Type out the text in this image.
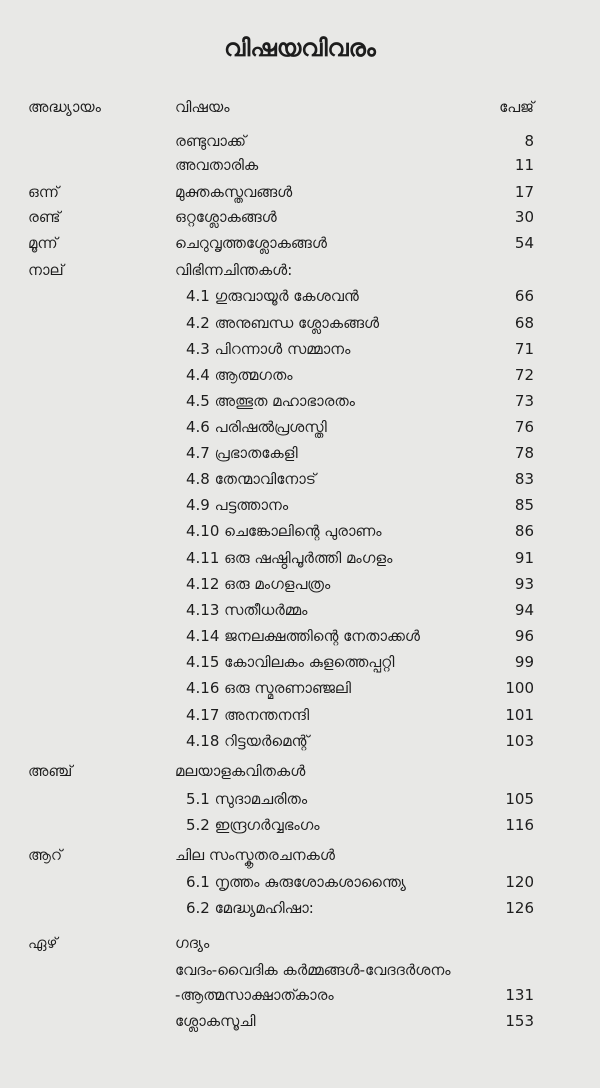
വിഷയവിവരം
അദ്ധ്യായം	വിഷയം	പേജ്
രണ്ടുവാക്ക്	8
അവതാരിക	11
ഒന്ന്	മുക്തകസ്തവങ്ങൾ	17
രണ്ട്	ഒറ്റശ്ലോകങ്ങൾ	30
മൂന്ന്	ചെറുവൃത്തശ്ലോകങ്ങൾ	54
നാല്	വിഭിന്നചിന്തകൾ:
4.1 ഗുരുവായൂർ കേശവൻ	66
4.2 അനുബന്ധ ശ്ലോകങ്ങൾ	68
4.3 പിറന്നാൾ സമ്മാനം	71
4.4 ആത്മഗതം	72
4.5 അത്ഭുത മഹാഭാരതം	73
4.6 പരിഷൽപ്രശസ്തി	76
4.7 പ്രഭാതകേളി	78
4.8 തേന്മാവിനോട്	83
4.9 പട്ടത്താനം	85
4.10 ചെങ്കോലിന്റെ പുരാണം	86
4.11 ഒരു ഷഷ്ഠിപൂർത്തി മംഗളം	91
4.12 ഒരു മംഗളപത്രം	93
4.13 സതീധർമ്മം	94
4.14 ജനലക്ഷത്തിന്റെ നേതാക്കൾ	96
4.15 കോവിലകം കുളത്തെപ്പറ്റി	99
4.16 ഒരു സ്മരണാഞ്ജലി	100
4.17 അനന്തനന്ദി	101
4.18 റിട്ടയർമെന്റ്	103
അഞ്ച്	മലയാളകവിതകൾ
5.1 സുദാമചരിതം	105
5.2 ഇന്ദ്രഗർവ്വഭംഗം	116
ആറ്	ചില സംസ്കൃതരചനകൾ
6.1 നൃത്തം കുരുശോകശാന്ത്യൈ	120
6.2 മേദ്ധ്യമഹിഷാ:	126
ഏഴ്	ഗദ്യം
വേദം-വൈദിക കർമ്മങ്ങൾ-വേദദർശനം
-ആത്മസാക്ഷാത്കാരം	131
ശ്ലോകസൂചി	153
